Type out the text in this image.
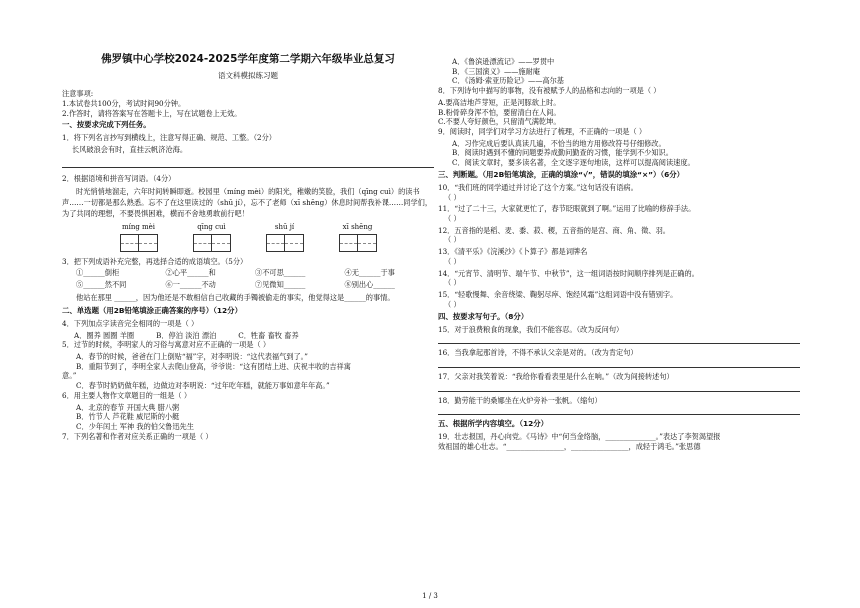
佛罗镇中心学校2024-2025学年度第二学期六年级毕业总复习
语文科模拟练习题
注意事项:
1.本试卷共100分，考试时间90分钟。
2.作答时，请将答案写在答题卡上，写在试题卷上无效。
一、按要求完成下列任务。
1．将下列名言抄写到横线上，注意写得正确、规范、工整。（2分）
长风破浪会有时，直挂云帆济沧海。
2．根据语境和拼音写词语。（4分）
时光悄悄地溜走，六年时间转瞬即逝。校园里（míng mèi）的阳光，稚嫩的笑脸，我们（qīng cuì）的读书声……一切都是那么熟悉。忘不了在这里读过的（shū jí），忘不了老师（xī shēng）休息时间帮我补课……同学们，为了共同的理想，不要畏惧困难，横而不舍地勇敢前行吧！
míng mèi	qīng cuì	shū jí	xī shēng
3．把下列成语补充完整，再选择合适的成语填空。（5分）
①______倒柜	②心平______和	③不可思______	④无______于事
⑤______然不同	⑥一______不动	⑦见微知______	⑧别出心______
他站在那里 ______，因为他还是不敢相信自己收藏的手镯被偷走的事实，他觉得这是______的事情。
二、单选题（用2B铅笔填涂正确答案的序号）（12分）
4．下列加点字读音完全相同的一项是（ ）
A．圈养 圆圈 羊圈	B．停泊 淡泊 漂泊	C．牲畜 畜牧 畜养
5．过节的时候，李明家人的习俗与寓意对应不正确的一项是（ ）
A．春节的时候，爸爸在门上倒贴“福”字，对李明说：“这代表福气到了。”
B．重阳节到了，李明全家人去爬山登高，爷爷说：“这有团结上进、庆祝丰收的吉祥寓
意。”
C．春节时奶奶做年糕，边做边对李明说：“过年吃年糕，就能万事如意年年高。”
6．用主要人物作文章题目的一组是（ ）
A．北京的春节 开国大典 腊八粥
B．竹节人 芦花鞋 威尼斯的小艇
C．少年闰土 军神 我的伯父鲁迅先生
7．下列名著和作者对应关系正确的一项是（ ）
A．《鲁滨逊漂流记》——罗贯中
B．《三国演义》——施耐庵
C．《汤姆·索亚历险记》——高尔基
8．下列诗句中描写的事物，没有被赋予人的品格和志向的一项是（ ）
A.要高洁地芦芽短，正是河豚欲上时。
B.粉骨碎身浑不怕，要留清白在人间。
C.不要人夸好颜色，只留清气满乾坤。
9．阅读时，同学们对学习方法进行了梳理，不正确的一项是（ ）
A．习作完成后要认真读几遍，不恰当的地方用修改符号仔细修改。
B．阅读时遇到不懂的问题要养成勤问勤查的习惯，能学到不少知识。
C．阅读文章时，要多读名著，全文逐字逐句地读，这样可以提高阅读速度。
三、判断题。（用2B铅笔填涂，正确的填涂“√”，错误的填涂“×”）（6分）
10．“我们班的同学通过并讨论了这个方案。”这句话没有语病。
（ ）
11．“过了二十三，大家就更忙了，春节眨眼就到了啊。”运用了比喻的修辞手法。
（ ）
12．五音指的是稻、麦、黍、菽、稷，五音指的是宫、商、角、徵、羽。
（ ）
13．《清平乐》《浣溪沙》《卜算子》都是词牌名
（ ）
14．“元宵节、清明节、端午节、中秋节”，这一组词语按时间顺序排列是正确的。
（ ）
15．“轻歌慢舞、余音绕梁、鞠躬尽瘁、饱经风霜”这组词语中没有错别字。
（ ）
四、按要求写句子。（8分）
15．对于浪费粮食的现象，我们不能容忍。（改为反问句）
16．当我拿起那首诗，不得不承认父亲是对的。（改为肯定句）
17．父亲对我笑着说：“我给你看看表里是什么在响。”（改为间接转述句）
18．勤劳能干的桑娜坐在火炉旁补一张帆。（缩句）
五、根据所学内容填空。（12分）
19．壮志报国，丹心向党。《马诗》中“何当金络脑，______________。”表达了李贺渴望报
效祖国的雄心壮志。“________________，________________，成轻于鸿毛。”张思德
1 / 3
